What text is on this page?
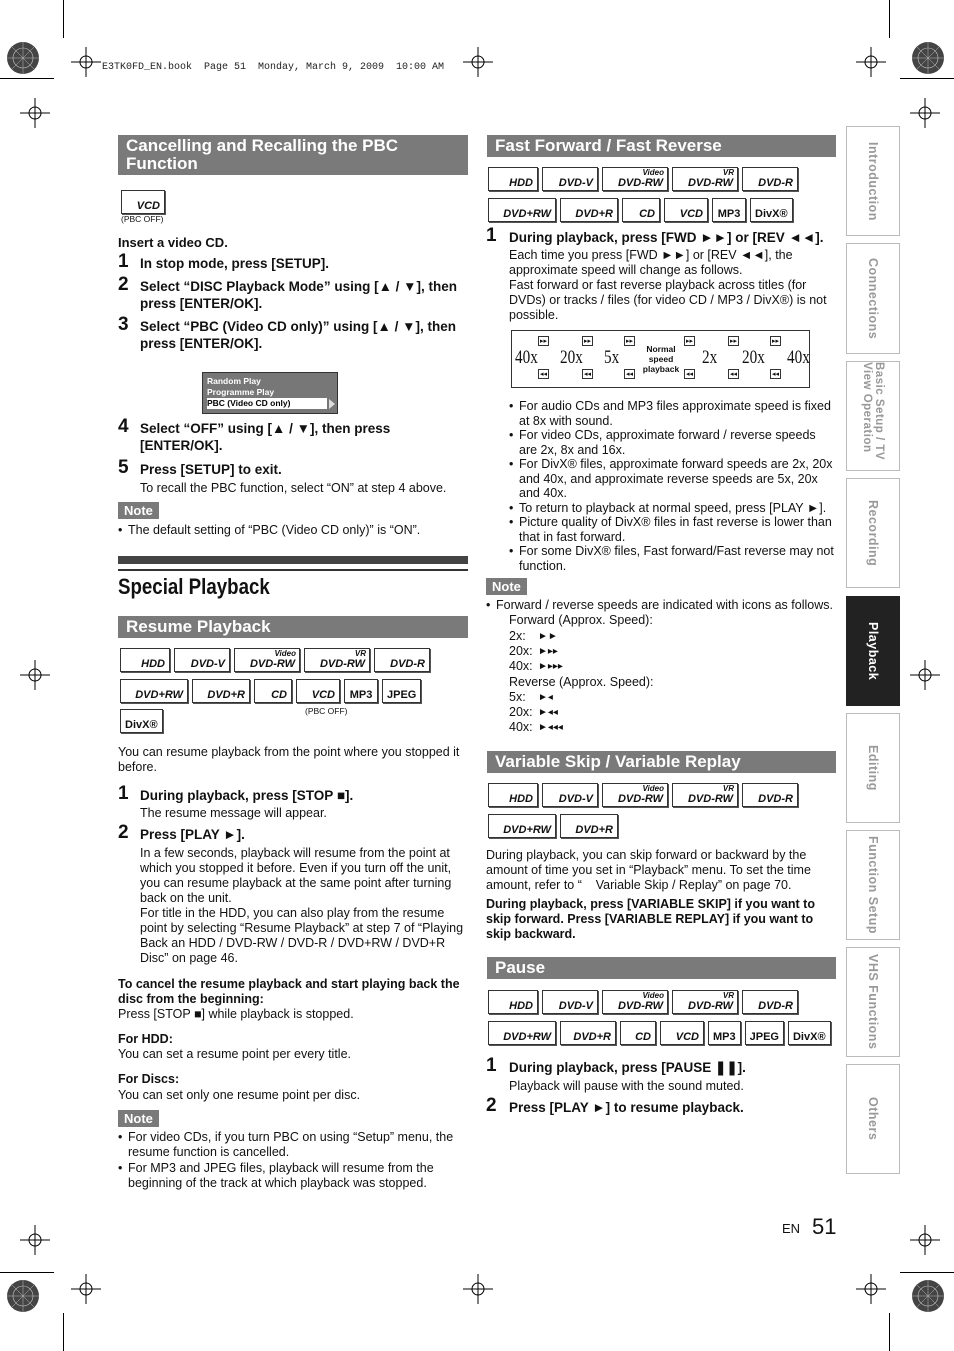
E3TK0FD_EN.book  Page 51  Monday, March 9, 2009  10:00 AM
Cancelling and Recalling the PBC Function
VCD
(PBC OFF)
Insert a video CD.
1 In stop mode, press [SETUP].
2 Select “DISC Playback Mode” using [▲ / ▼], then press [ENTER/OK].
3 Select “PBC (Video CD only)” using [▲ / ▼], then press [ENTER/OK].
Random Play
Programme Play
PBC (Video CD only)
4 Select “OFF” using [▲ / ▼], then press [ENTER/OK].
5 Press [SETUP] to exit.
To recall the PBC function, select “ON” at step 4 above.
Note
• The default setting of “PBC (Video CD only)” is “ON”.
Special Playback
Resume Playback
HDD DVD-V
Video
DVD-RW
VR
DVD-RW DVD-R
DVD+RW DVD+R CD VCD MP3 JPEG
(PBC OFF)
DivX®
You can resume playback from the point where you stopped it before.
1 During playback, press [STOP ■].
The resume message will appear.
2 Press [PLAY ►].
In a few seconds, playback will resume from the point at which you stopped it before. Even if you turn off the unit, you can resume playback at the same point after turning back on the unit.
For title in the HDD, you can also play from the resume point by selecting “Resume Playback” at step 7 of “Playing Back an HDD / DVD-RW / DVD-R / DVD+RW / DVD+R Disc” on page 46.
To cancel the resume playback and start playing back the disc from the beginning:
Press [STOP ■] while playback is stopped.
For HDD:
You can set a resume point per every title.
For Discs:
You can set only one resume point per disc.
Note
• For video CDs, if you turn PBC on using “Setup” menu, the resume function is cancelled.
• For MP3 and JPEG files, playback will resume from the beginning of the track at which playback was stopped.
Fast Forward / Fast Reverse
HDD DVD-V
Video
DVD-RW
VR
DVD-RW DVD-R
DVD+RW DVD+R CD VCD MP3 DivX®
1 During playback, press [FWD ►►] or [REV ◄◄].
Each time you press [FWD ►►] or [REV ◄◄], the approximate speed will change as follows.
Fast forward or fast reverse playback across titles (for DVDs) or tracks / files (for video CD / MP3 / DivX®) is not possible.
40x 20x 5x	Normal speed playback
2x 20x 40x
▸▸	▸▸	▸▸	▸▸	▸▸	▸▸
◂◂	◂◂	◂◂	◂◂	◂◂	◂◂
• For audio CDs and MP3 files approximate speed is fixed at 8x with sound.
• For video CDs, approximate forward / reverse speeds are 2x, 8x and 16x.
• For DivX® files, approximate forward speeds are 2x, 20x and 40x, and approximate reverse speeds are 5x, 20x and 40x.
• To return to playback at normal speed, press [PLAY ►].
• Picture quality of DivX® files in fast reverse is lower than that in fast forward.
• For some DivX® files, Fast forward/Fast reverse may not function.
Note
• Forward / reverse speeds are indicated with icons as follows.
Forward (Approx. Speed):
2x: ►►
20x: ►▸▸
40x: ►▸▸▸
Reverse (Approx. Speed):
5x: ►◂
20x: ►◂◂
40x: ►◂◂◂
Variable Skip / Variable Replay
HDD DVD-V
Video
DVD-RW
VR
DVD-RW DVD-R
DVD+RW DVD+R
During playback, you can skip forward or backward by the amount of time you set in “Playback” menu. To set the time amount, refer to “    Variable Skip / Replay” on page 70.
During playback, press [VARIABLE SKIP] if you want to skip forward. Press [VARIABLE REPLAY] if you want to skip backward.
Pause
HDD DVD-V
Video
DVD-RW
VR
DVD-RW DVD-R
DVD+RW DVD+R CD VCD MP3 JPEG DivX®
1 During playback, press [PAUSE ❚❚].
Playback will pause with the sound muted.
2 Press [PLAY ►] to resume playback.
Introduction
Connections
Basic Setup / TV View Operation
Recording
Playback
Editing
Function Setup
VHS Functions
Others
EN 51
